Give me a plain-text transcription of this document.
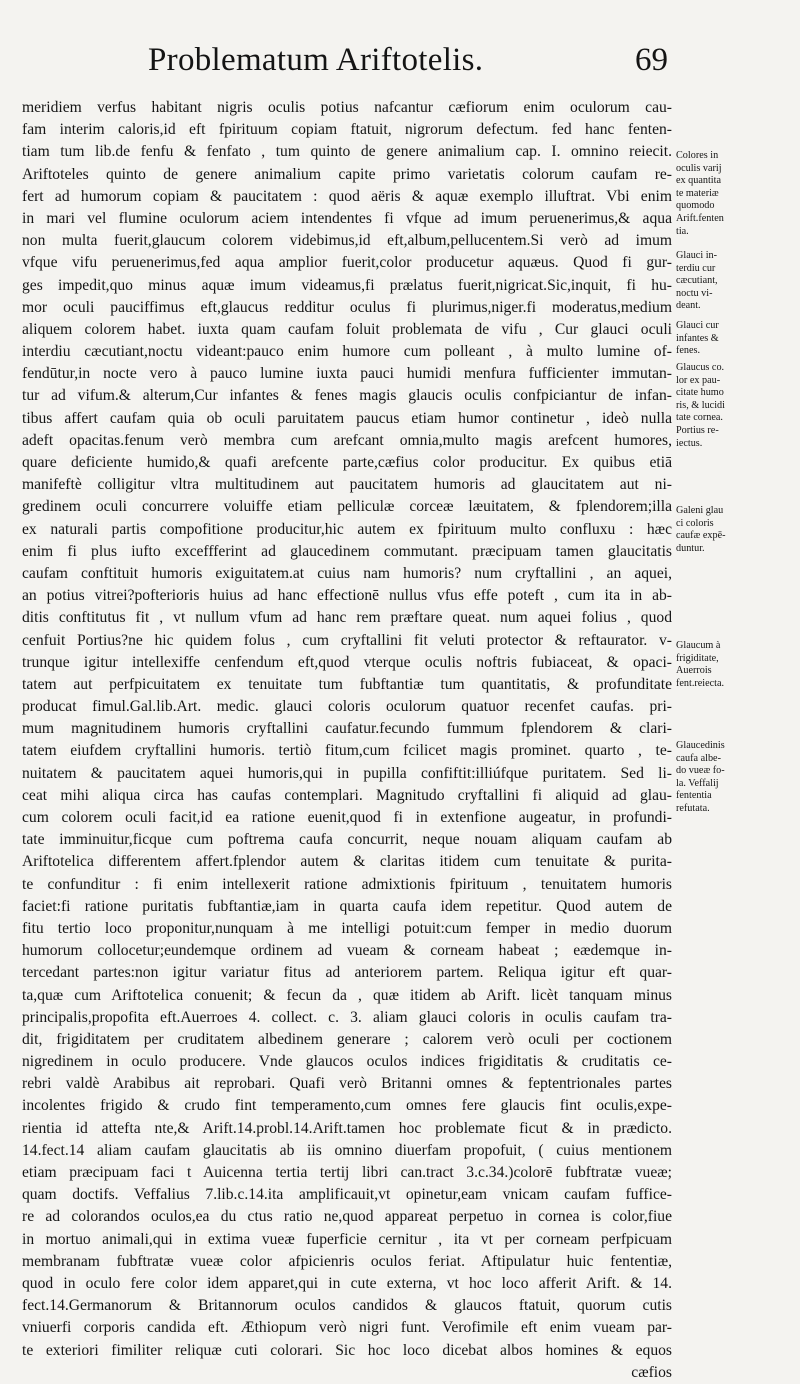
Problematum Ariftotelis.	69
meridiem verfus habitant nigris oculis potius nafcantur cæfiorum enim oculorum cau-
fam interim caloris,id eft fpirituum copiam ftatuit, nigrorum defectum. fed hanc fenten-
tiam tum lib.de fenfu & fenfato , tum quinto de genere animalium cap. I. omnino reiecit.
Ariftoteles quinto de genere animalium capite primo varietatis colorum caufam re-
fert ad humorum copiam & paucitatem : quod aëris & aquæ exemplo illuftrat. Vbi enim
in mari vel flumine oculorum aciem intendentes fi vfque ad imum peruenerimus,& aqua
non multa fuerit,glaucum colorem videbimus,id eft,album,pellucentem.Si verò ad imum
vfque vifu peruenerimus,fed aqua amplior fuerit,color producetur aquæus. Quod fi gur-
ges impedit,quo minus aquæ imum videamus,fi prælatus fuerit,nigricat.Sic,inquit, fi hu-
mor oculi pauciffimus eft,glaucus redditur oculus fi plurimus,niger.fi moderatus,medium
aliquem colorem habet. iuxta quam caufam foluit problemata de vifu , Cur glauci oculi
interdiu cæcutiant,noctu videant:pauco enim humore cum polleant , à multo lumine of-
fendūtur,in nocte vero à pauco lumine iuxta pauci humidi menfura fufficienter immutan-
tur ad vifum.& alterum,Cur infantes & fenes magis glaucis oculis confpiciantur de infan-
tibus affert caufam quia ob oculi paruitatem paucus etiam humor continetur , ideò nulla
adeft opacitas.fenum verò membra cum arefcant omnia,multo magis arefcent humores,
quare deficiente humido,& quafi arefcente parte,cæfius color producitur. Ex quibus etiā
manifeftè colligitur vltra multitudinem aut paucitatem humoris ad glaucitatem aut ni-
gredinem oculi concurrere voluiffe etiam pelliculæ corceæ læuitatem, & fplendorem;illa
ex naturali partis compofitione producitur,hic autem ex fpirituum multo confluxu : hæc
enim fi plus iufto exceffferint ad glaucedinem commutant. præcipuam tamen glaucitatis
caufam conftituit humoris exiguitatem.at cuius nam humoris? num cryftallini , an aquei,
an potius vitrei?pofterioris huius ad hanc effectionē nullus vfus effe poteft , cum ita in ab-
ditis conftitutus fit , vt nullum vfum ad hanc rem præftare queat. num aquei folius , quod
cenfuit Portius?ne hic quidem folus , cum cryftallini fit veluti protector & reftaurator. v-
trunque igitur intellexiffe cenfendum eft,quod vterque oculis noftris fubiaceat, & opaci-
tatem aut perfpicuitatem ex tenuitate tum fubftantiæ tum quantitatis, & profunditate
producat fimul.Gal.lib.Art. medic. glauci coloris oculorum quatuor recenfet caufas. pri-
mum magnitudinem humoris cryftallini caufatur.fecundo fummum fplendorem & clari-
tatem eiufdem cryftallini humoris. tertiò fitum,cum fcilicet magis prominet. quarto , te-
nuitatem & paucitatem aquei humoris,qui in pupilla confiftit:illiúfque puritatem. Sed li-
ceat mihi aliqua circa has caufas contemplari. Magnitudo cryftallini fi aliquid ad glau-
cum colorem oculi facit,id ea ratione euenit,quod fi in extenfione augeatur, in profundi-
tate imminuitur,ficque cum poftrema caufa concurrit, neque nouam aliquam caufam ab
Ariftotelica differentem affert.fplendor autem & claritas itidem cum tenuitate & purita-
te confunditur : fi enim intellexerit ratione admixtionis fpirituum , tenuitatem humoris
faciet:fi ratione puritatis fubftantiæ,iam in quarta caufa idem repetitur. Quod autem de
fitu tertio loco proponitur,nunquam à me intelligi potuit:cum femper in medio duorum
humorum collocetur;eundemque ordinem ad vueam & corneam habeat ; eædemque in-
tercedant partes:non igitur variatur fitus ad anteriorem partem. Reliqua igitur eft quar-
ta,quæ cum Ariftotelica conuenit; & fecun da , quæ itidem ab Arift. licèt tanquam minus
principalis,propofita eft.Auerroes 4. collect. c. 3. aliam glauci coloris in oculis caufam tra-
dit, frigiditatem per cruditatem albedinem generare ; calorem verò oculi per coctionem
nigredinem in oculo producere. Vnde glaucos oculos indices frigiditatis & cruditatis ce-
rebri valdè Arabibus ait reprobari. Quafi verò Britanni omnes & feptentrionales partes
incolentes frigido & crudo fint temperamento,cum omnes fere glaucis fint oculis,expe-
rientia id attefta nte,& Arift.14.probl.14.Arift.tamen hoc problemate ficut & in prædicto.
14.fect.14 aliam caufam glaucitatis ab iis omnino diuerfam propofuit, ( cuius mentionem
etiam præcipuam faci t Auicenna tertia tertij libri can.tract 3.c.34.)colorē fubftratæ vueæ;
quam doctifs. Veffalius 7.lib.c.14.ita amplificauit,vt opinetur,eam vnicam caufam fuffice-
re ad colorandos oculos,ea du ctus ratio ne,quod appareat perpetuo in cornea is color,fiue
in mortuo animali,qui in extima vueæ fuperficie cernitur , ita vt per corneam perfpicuam
membranam fubftratæ vueæ color afpicienris oculos feriat. Aftipulatur huic fententiæ,
quod in oculo fere color idem apparet,qui in cute externa, vt hoc loco afferit Arift. & 14.
fect.14.Germanorum & Britannorum oculos candidos & glaucos ftatuit, quorum cutis
vniuerfi corporis candida eft. Æthiopum verò nigri funt. Verofimile eft enim vueam par-
te exteriori fimiliter reliquæ cuti colorari. Sic hoc loco dicebat albos homines & equos
cæfios
Colores in
oculis varij
ex quantita
te materiæ
quomodo
Arift.fenten
tia.
Glauci in-
terdiu cur
cæcutiant,
noctu vi-
deant.
Glauci cur
infantes &
fenes.
Glaucus co.
lor ex pau-
citate humo
ris, & lucidi
tate cornea.
Portius re-
iectus.
Galeni glau
ci coloris
caufæ expē-
duntur.
Glaucum à
frigiditate,
Auerrois
fent.reiecta.
Glaucedinis
caufa albe-
do vueæ fo-
la. Veffalij
fententia
refutata.
